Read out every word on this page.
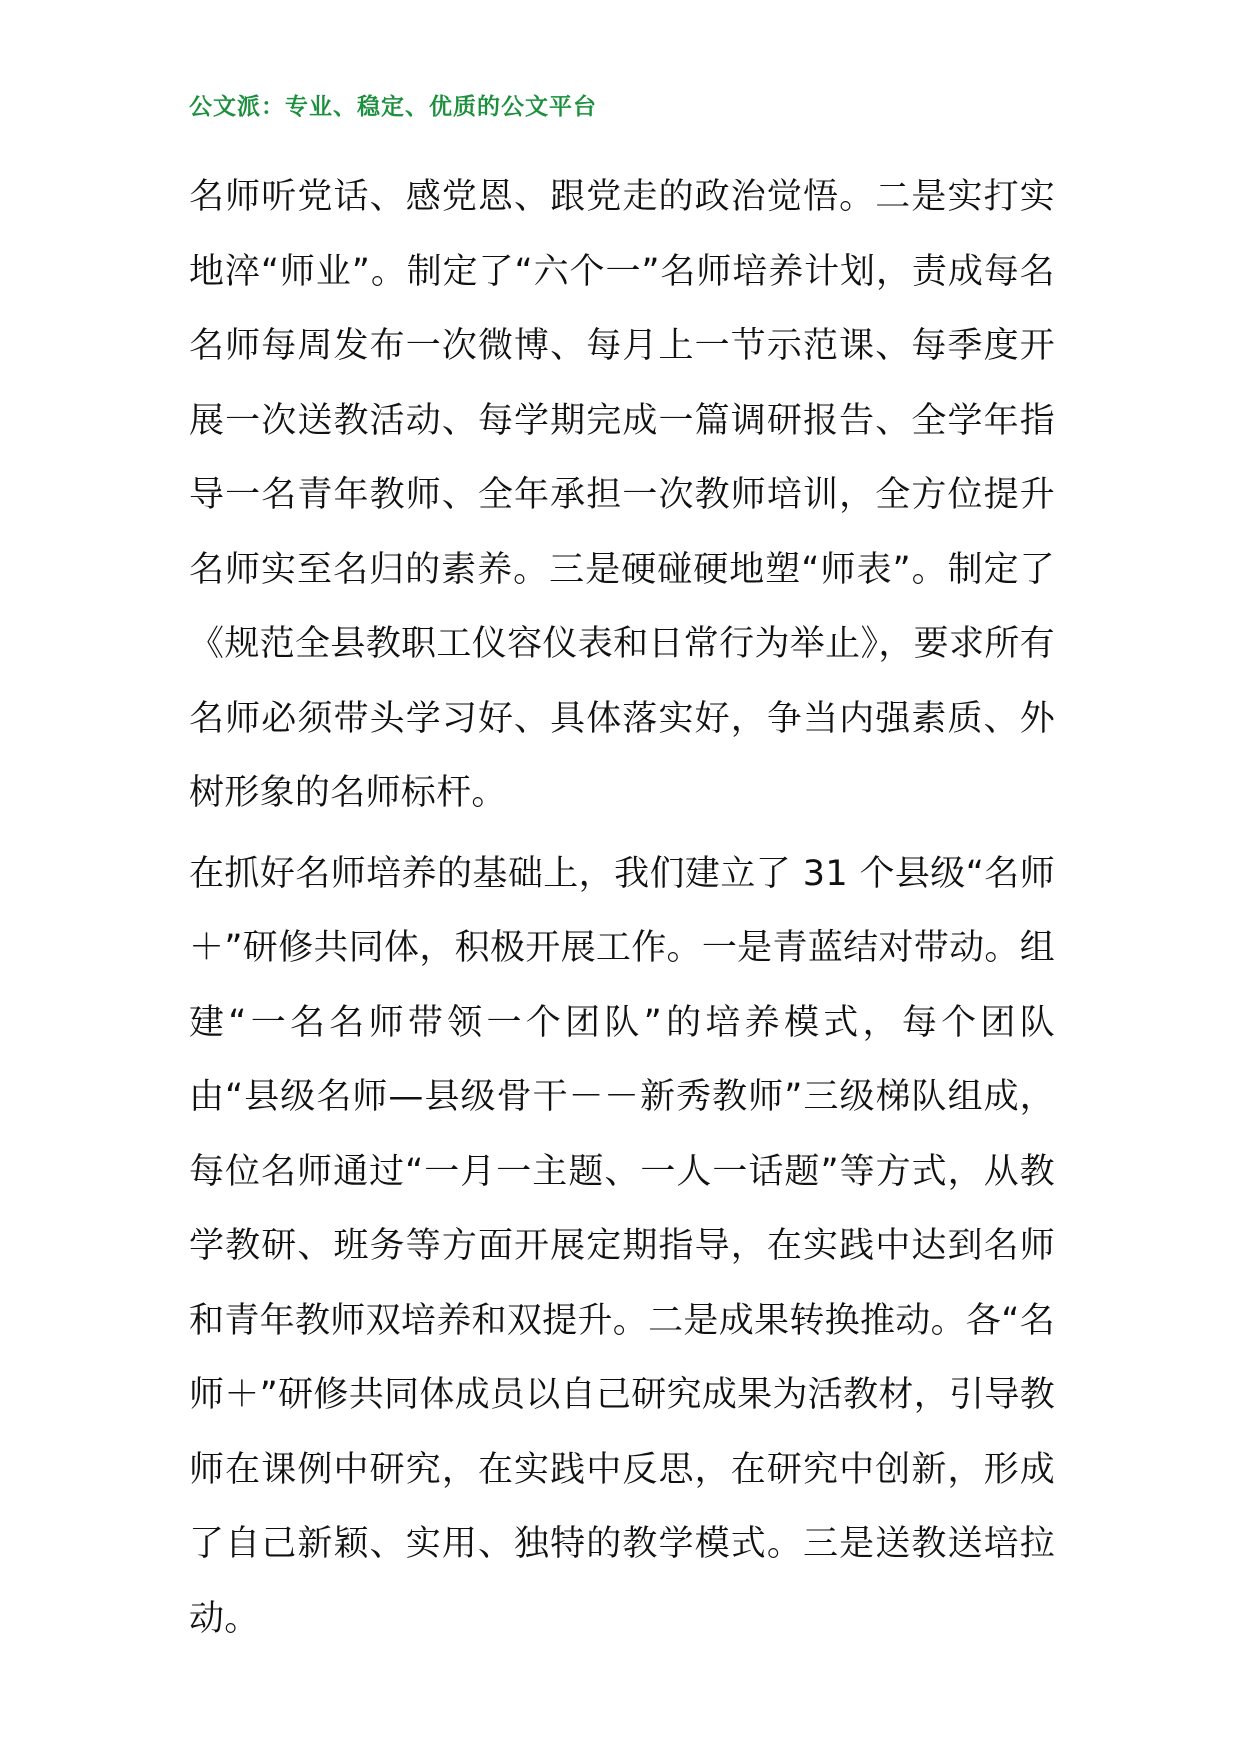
公文派：专业、稳定、优质的公文平台

名师听党话、感党恩、跟党走的政治觉悟。二是实打实地淬“师业”。制定了“六个一”名师培养计划，责成每名名师每周发布一次微博、每月上一节示范课、每季度开展一次送教活动、每学期完成一篇调研报告、全学年指导一名青年教师、全年承担一次教师培训，全方位提升名师实至名归的素养。三是硬碰硬地塑“师表”。制定了《规范全县教职工仪容仪表和日常行为举止》，要求所有名师必须带头学习好、具体落实好，争当内强素质、外树形象的名师标杆。

在抓好名师培养的基础上，我们建立了 31 个县级“名师＋”研修共同体，积极开展工作。一是青蓝结对带动。组建“一名名师带领一个团队”的培养模式，每个团队由“县级名师—县级骨干－－新秀教师”三级梯队组成，每位名师通过“一月一主题、一人一话题”等方式，从教学教研、班务等方面开展定期指导，在实践中达到名师和青年教师双培养和双提升。二是成果转换推动。各“名师＋”研修共同体成员以自己研究成果为活教材，引导教师在课例中研究，在实践中反思，在研究中创新，形成了自己新颖、实用、独特的教学模式。三是送教送培拉动。
